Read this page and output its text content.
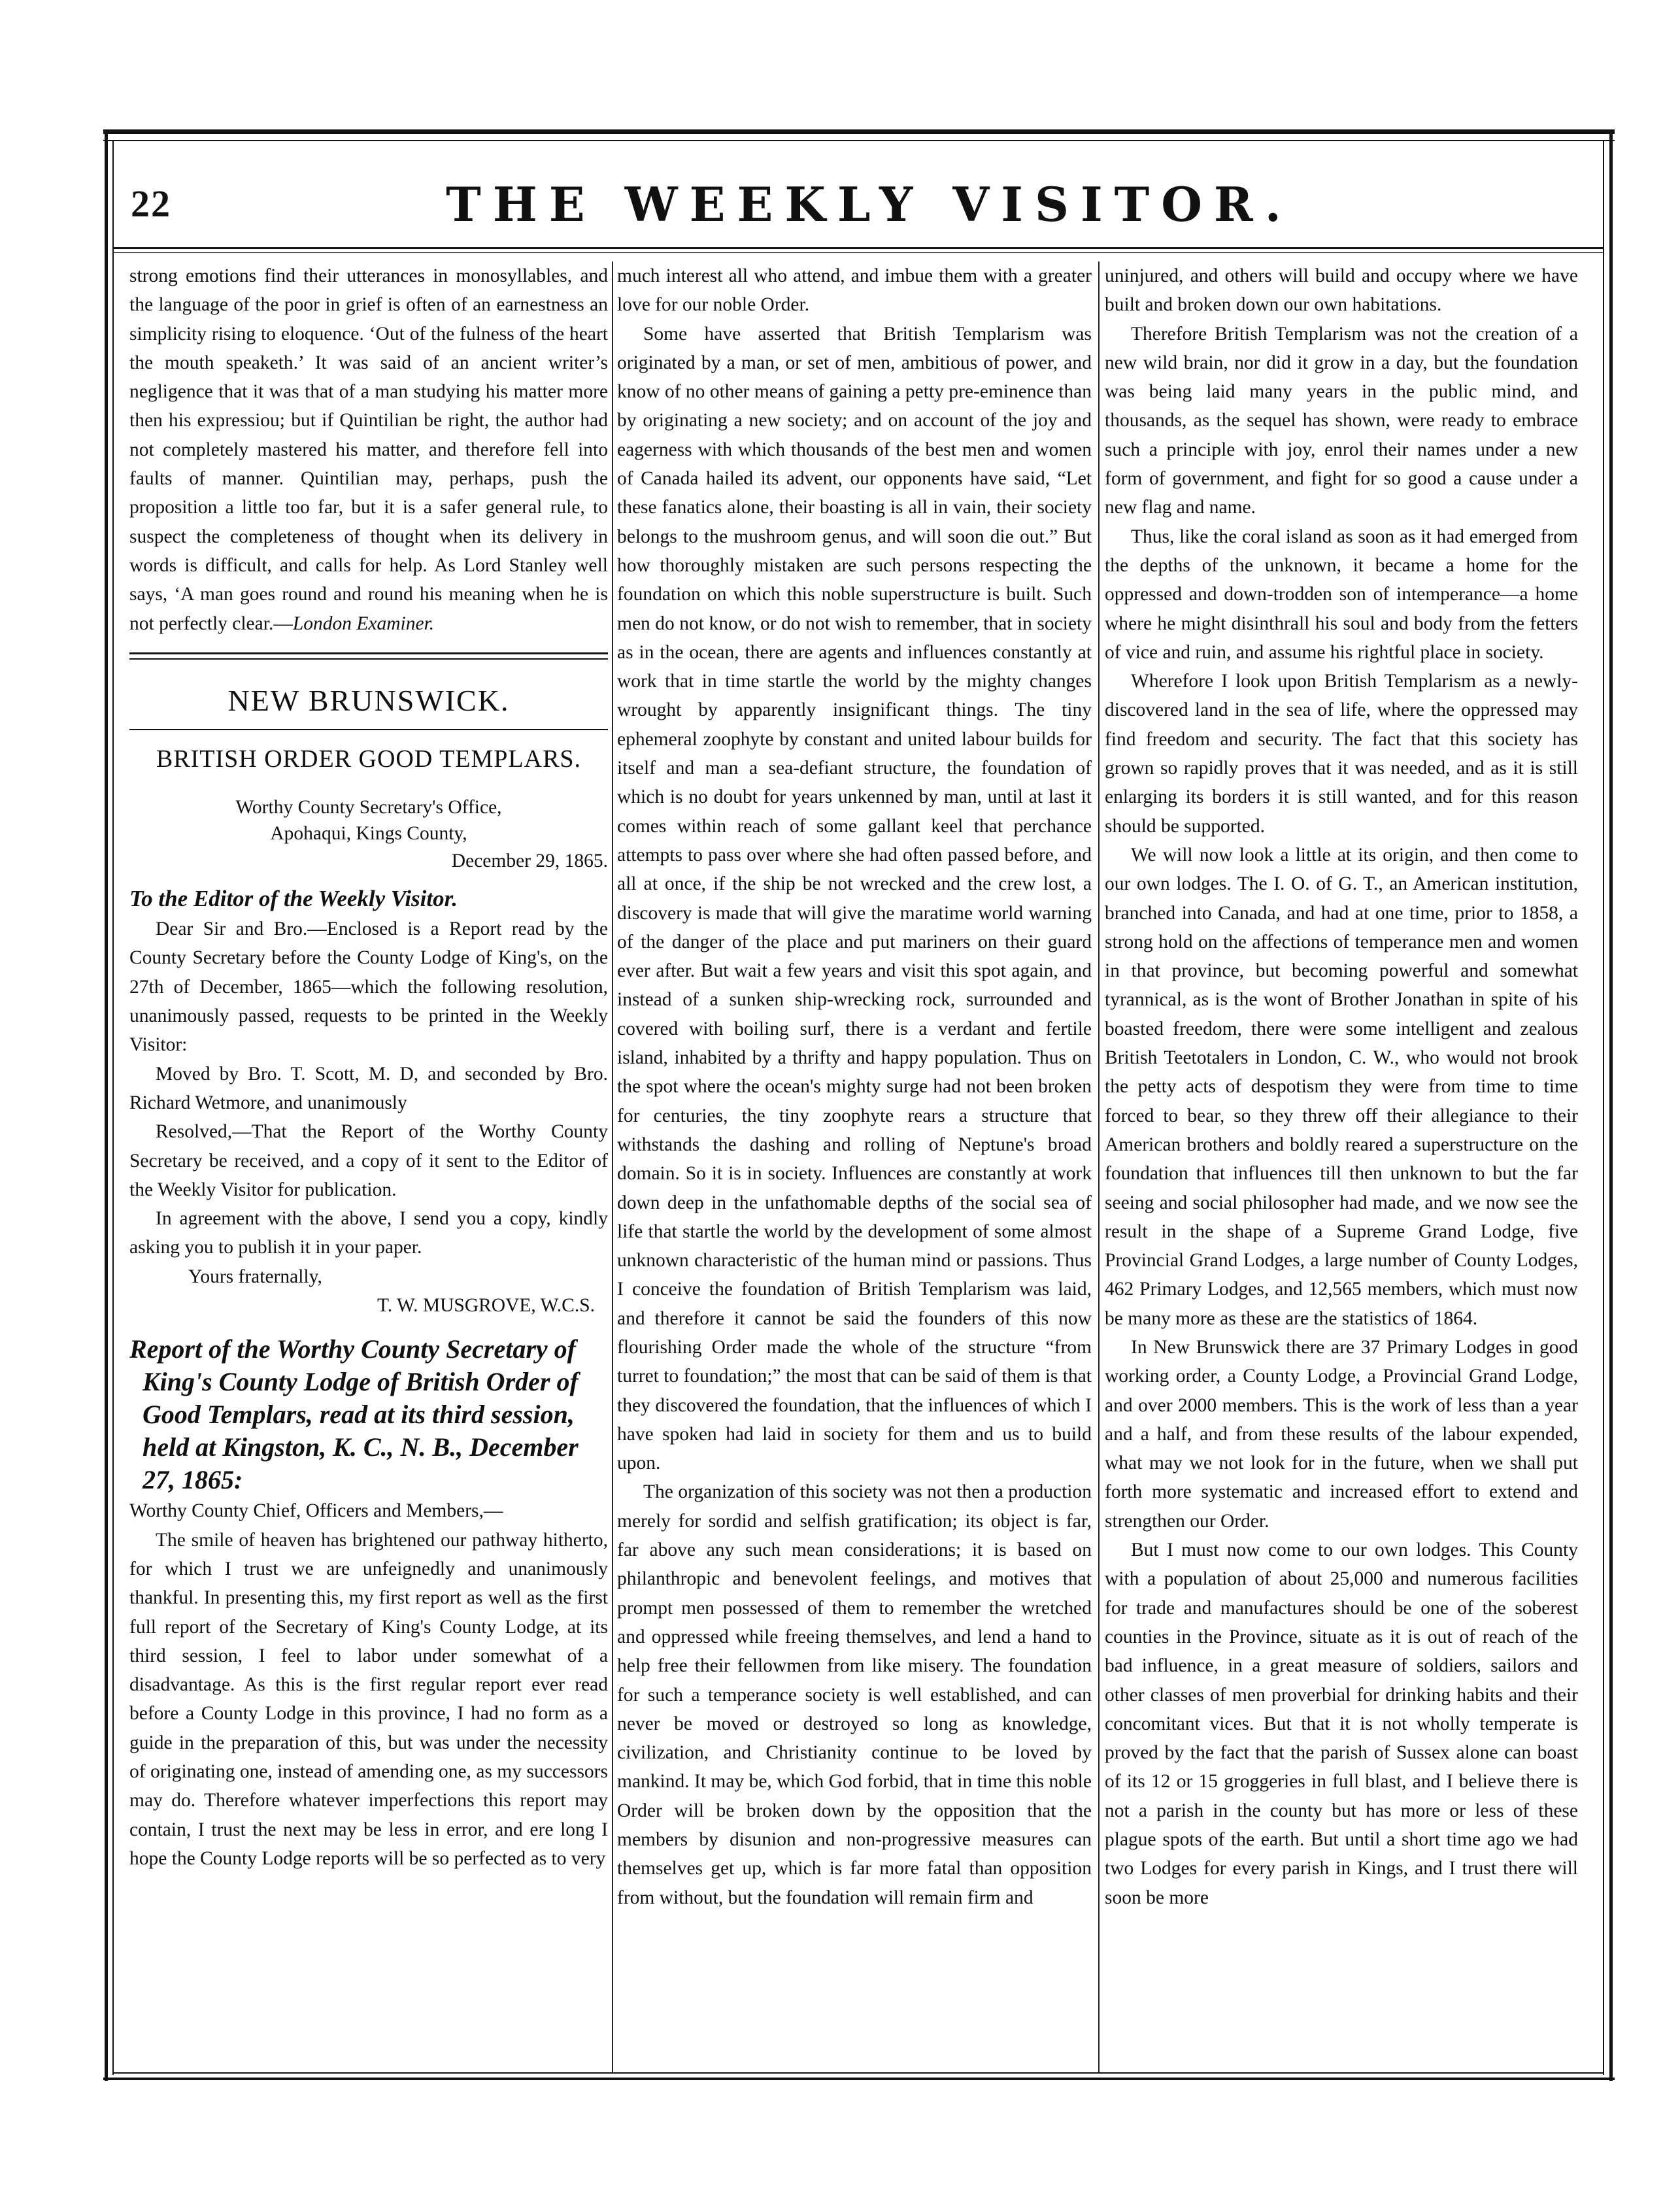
22	THE WEEKLY VISITOR.

strong emotions find their utterances in monosyllables, and the language of the poor in grief is often of an earnestness an simplicity rising to eloquence. ‘Out of the fulness of the heart the mouth speaketh.’ It was said of an ancient writer’s negligence that it was that of a man studying his matter more then his expressiou; but if Quintilian be right, the author had not completely mastered his matter, and therefore fell into faults of manner. Quintilian may, perhaps, push the proposition a little too far, but it is a safer general rule, to suspect the completeness of thought when its delivery in words is difficult, and calls for help. As Lord Stanley well says, ‘A man goes round and round his meaning when he is not perfectly clear.—London Examiner.

NEW BRUNSWICK.

BRITISH ORDER GOOD TEMPLARS.

Worthy County Secretary's Office,

Apohaqui, Kings County,

December 29, 1865.

To the Editor of the Weekly Visitor.

Dear Sir and Bro.—Enclosed is a Report read by the County Secretary before the County Lodge of King's, on the 27th of December, 1865—which the following resolution, unanimously passed, requests to be printed in the Weekly Visitor:

Moved by Bro. T. Scott, M. D, and seconded by Bro. Richard Wetmore, and unanimously

Resolved,—That the Report of the Worthy County Secretary be received, and a copy of it sent to the Editor of the Weekly Visitor for publication.

In agreement with the above, I send you a copy, kindly asking you to publish it in your paper.

Yours fraternally,

T. W. MUSGROVE, W.C.S.

Report of the Worthy County Secretary of King's County Lodge of British Order of Good Templars, read at its third session, held at Kingston, K. C., N. B., December 27, 1865:

Worthy County Chief, Officers and Members,—

The smile of heaven has brightened our pathway hitherto, for which I trust we are unfeignedly and unanimously thankful. In presenting this, my first report as well as the first full report of the Secretary of King's County Lodge, at its third session, I feel to labor under somewhat of a disadvantage. As this is the first regular report ever read before a County Lodge in this province, I had no form as a guide in the preparation of this, but was under the necessity of originating one, instead of amending one, as my successors may do. Therefore whatever imperfections this report may contain, I trust the next may be less in error, and ere long I hope the County Lodge reports will be so perfected as to very

much interest all who attend, and imbue them with a greater love for our noble Order.

Some have asserted that British Templarism was originated by a man, or set of men, ambitious of power, and know of no other means of gaining a petty pre-eminence than by originating a new society; and on account of the joy and eagerness with which thousands of the best men and women of Canada hailed its advent, our opponents have said, “Let these fanatics alone, their boasting is all in vain, their society belongs to the mushroom genus, and will soon die out.” But how thoroughly mistaken are such persons respecting the foundation on which this noble superstructure is built. Such men do not know, or do not wish to remember, that in society as in the ocean, there are agents and influences constantly at work that in time startle the world by the mighty changes wrought by apparently insignificant things. The tiny ephemeral zoophyte by constant and united labour builds for itself and man a sea-defiant structure, the foundation of which is no doubt for years unkenned by man, until at last it comes within reach of some gallant keel that perchance attempts to pass over where she had often passed before, and all at once, if the ship be not wrecked and the crew lost, a discovery is made that will give the maratime world warning of the danger of the place and put mariners on their guard ever after. But wait a few years and visit this spot again, and instead of a sunken ship-wrecking rock, surrounded and covered with boiling surf, there is a verdant and fertile island, inhabited by a thrifty and happy population. Thus on the spot where the ocean's mighty surge had not been broken for centuries, the tiny zoophyte rears a structure that withstands the dashing and rolling of Neptune's broad domain. So it is in society. Influences are constantly at work down deep in the unfathomable depths of the social sea of life that startle the world by the development of some almost unknown characteristic of the human mind or passions. Thus I conceive the foundation of British Templarism was laid, and therefore it cannot be said the founders of this now flourishing Order made the whole of the structure “from turret to foundation;” the most that can be said of them is that they discovered the foundation, that the influences of which I have spoken had laid in society for them and us to build upon.

The organization of this society was not then a production merely for sordid and selfish gratification; its object is far, far above any such mean considerations; it is based on philanthropic and benevolent feelings, and motives that prompt men possessed of them to remember the wretched and oppressed while freeing themselves, and lend a hand to help free their fellowmen from like misery. The foundation for such a temperance society is well established, and can never be moved or destroyed so long as knowledge, civilization, and Christianity continue to be loved by mankind. It may be, which God forbid, that in time this noble Order will be broken down by the opposition that the members by disunion and non-progressive measures can themselves get up, which is far more fatal than opposition from without, but the foundation will remain firm and

uninjured, and others will build and occupy where we have built and broken down our own habitations.

Therefore British Templarism was not the creation of a new wild brain, nor did it grow in a day, but the foundation was being laid many years in the public mind, and thousands, as the sequel has shown, were ready to embrace such a principle with joy, enrol their names under a new form of government, and fight for so good a cause under a new flag and name.

Thus, like the coral island as soon as it had emerged from the depths of the unknown, it became a home for the oppressed and down-trodden son of intemperance—a home where he might disinthrall his soul and body from the fetters of vice and ruin, and assume his rightful place in society.

Wherefore I look upon British Templarism as a newly-discovered land in the sea of life, where the oppressed may find freedom and security. The fact that this society has grown so rapidly proves that it was needed, and as it is still enlarging its borders it is still wanted, and for this reason should be supported.

We will now look a little at its origin, and then come to our own lodges. The I. O. of G. T., an American institution, branched into Canada, and had at one time, prior to 1858, a strong hold on the affections of temperance men and women in that province, but becoming powerful and somewhat tyrannical, as is the wont of Brother Jonathan in spite of his boasted freedom, there were some intelligent and zealous British Teetotalers in London, C. W., who would not brook the petty acts of despotism they were from time to time forced to bear, so they threw off their allegiance to their American brothers and boldly reared a superstructure on the foundation that influences till then unknown to but the far seeing and social philosopher had made, and we now see the result in the shape of a Supreme Grand Lodge, five Provincial Grand Lodges, a large number of County Lodges, 462 Primary Lodges, and 12,565 members, which must now be many more as these are the statistics of 1864.

In New Brunswick there are 37 Primary Lodges in good working order, a County Lodge, a Provincial Grand Lodge, and over 2000 members. This is the work of less than a year and a half, and from these results of the labour expended, what may we not look for in the future, when we shall put forth more systematic and increased effort to extend and strengthen our Order.

But I must now come to our own lodges. This County with a population of about 25,000 and numerous facilities for trade and manufactures should be one of the soberest counties in the Province, situate as it is out of reach of the bad influence, in a great measure of soldiers, sailors and other classes of men proverbial for drinking habits and their concomitant vices. But that it is not wholly temperate is proved by the fact that the parish of Sussex alone can boast of its 12 or 15 groggeries in full blast, and I believe there is not a parish in the county but has more or less of these plague spots of the earth. But until a short time ago we had two Lodges for every parish in Kings, and I trust there will soon be more
